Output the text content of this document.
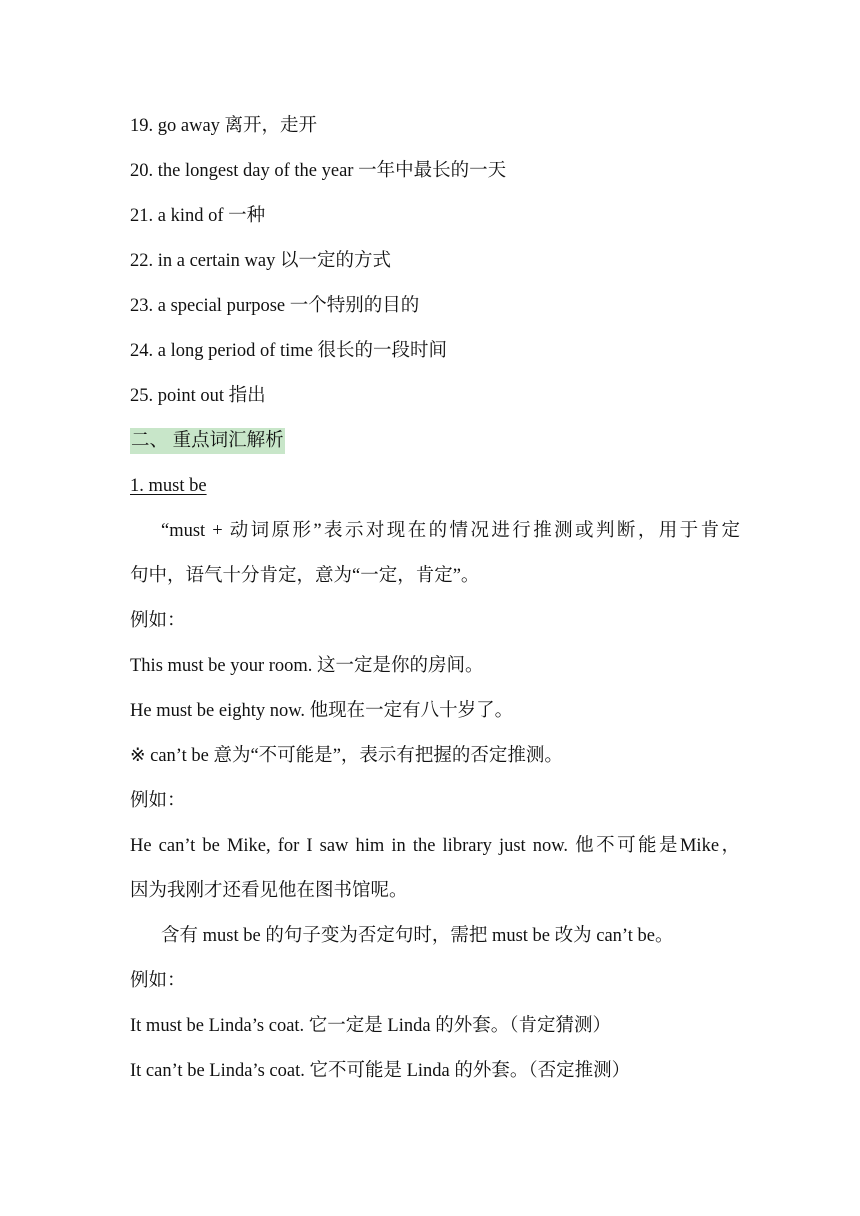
19. go away 离开，走开
20. the longest day of the year 一年中最长的一天
21. a kind of 一种
22. in a certain way 以一定的方式
23. a special purpose 一个特别的目的
24. a long period of time 很长的一段时间
25. point out 指出
二、 重点词汇解析
1. must be
“must + 动词原形”表示对现在的情况进行推测或判断，用于肯定
句中，语气十分肯定，意为“一定，肯定”。
例如：
This must be your room. 这一定是你的房间。
He must be eighty now. 他现在一定有八十岁了。
※ can’t be 意为“不可能是”，表示有把握的否定推测。
例如：
He can’t be Mike, for I saw him in the library just now. 他不可能是Mike，
因为我刚才还看见他在图书馆呢。
含有 must be 的句子变为否定句时，需把 must be 改为 can’t be。
例如：
It must be Linda’s coat. 它一定是 Linda 的外套。（肯定猜测）
It can’t be Linda’s coat. 它不可能是 Linda 的外套。（否定推测）
